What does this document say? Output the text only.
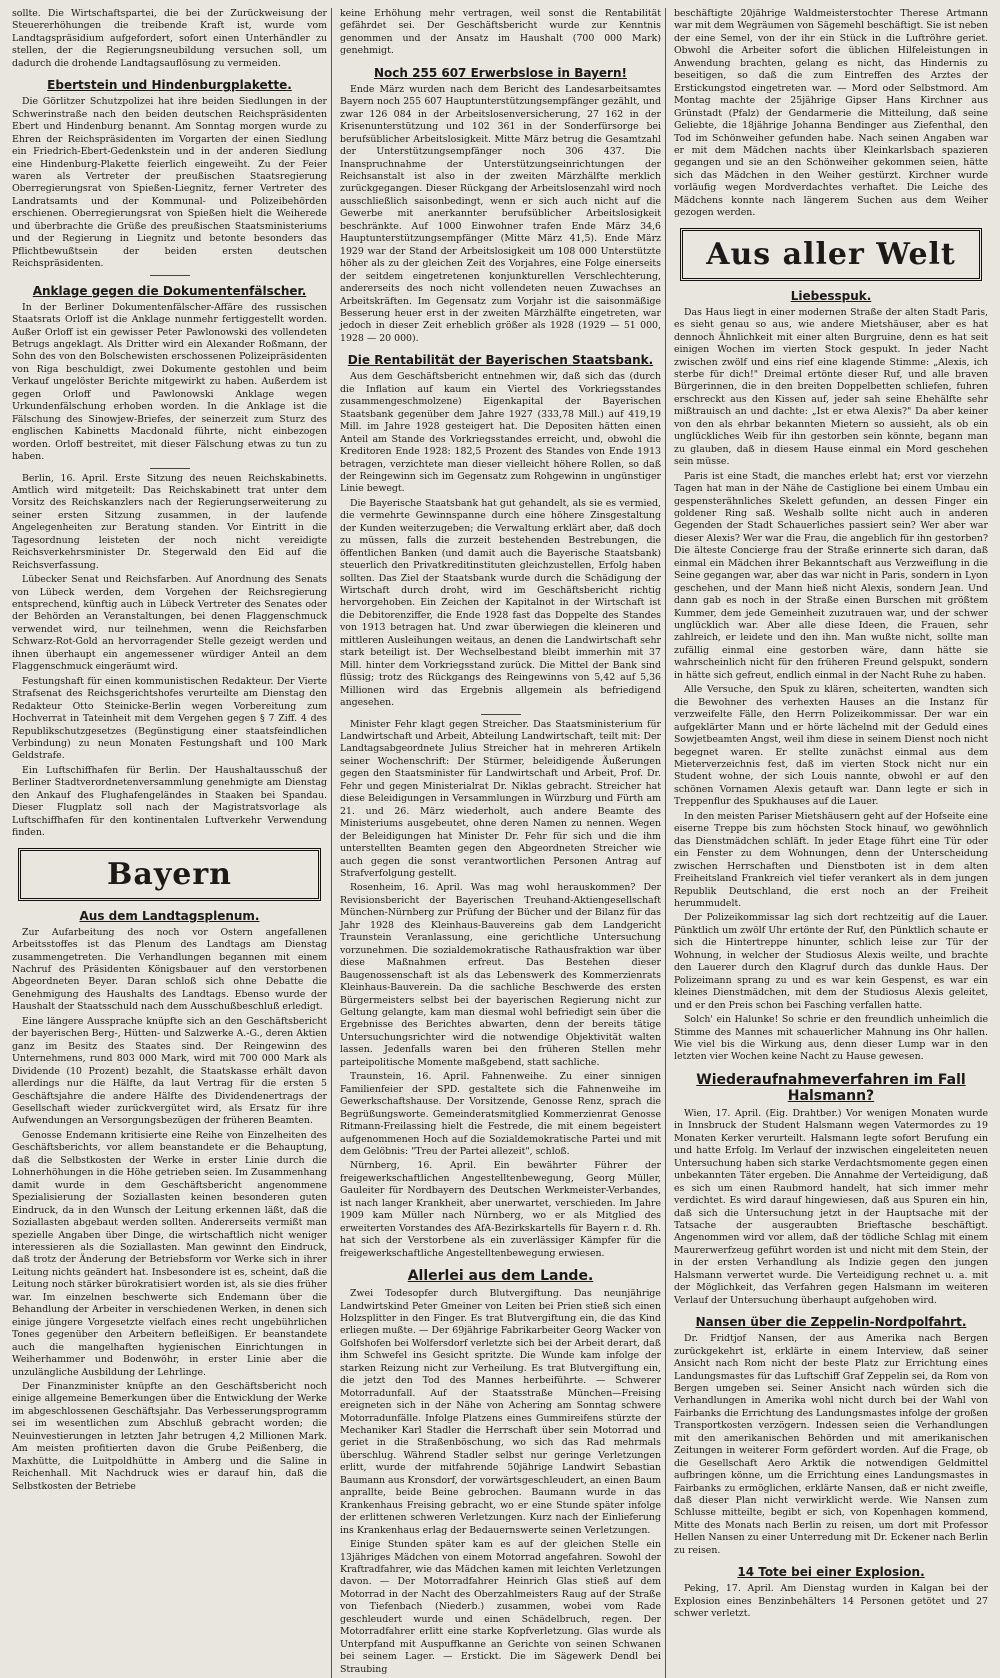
sollte. Die Wirtschaftspartei, die bei der Zurückweisung der Steuererhöhungen die treibende Kraft ist, wurde vom Landtagspräsidium aufgefordert, sofort einen Unterhändler zu stellen, der die Regierungsneubildung versuchen soll, um dadurch die drohende Landtagsauflösung zu vermeiden.

Ebertstein und Hindenburgplakette.

Die Görlitzer Schutzpolizei hat ihre beiden Siedlungen in der Schwerinstraße nach den beiden deutschen Reichspräsidenten Ebert und Hindenburg benannt. Am Sonntag morgen wurde zu Ehren der Reichspräsidenten im Vorgarten der einen Siedlung ein Friedrich-Ebert-Gedenkstein und in der anderen Siedlung eine Hindenburg-Plakette feierlich eingeweiht. Zu der Feier waren als Vertreter der preußischen Staatsregierung Oberregierungsrat von Spießen-Liegnitz, ferner Vertreter des Landratsamts und der Kommunal- und Polizeibehörden erschienen. Oberregierungsrat von Spießen hielt die Weiherede und überbrachte die Grüße des preußischen Staatsministeriums und der Regierung in Liegnitz und betonte besonders das Pflichtbewußtsein der beiden ersten deutschen Reichspräsidenten.

Anklage gegen die Dokumentenfälscher.

In der Berliner Dokumentenfälscher-Affäre des russischen Staatsrats Orloff ist die Anklage nunmehr fertiggestellt worden. Außer Orloff ist ein gewisser Peter Pawlonowski des vollendeten Betrugs angeklagt. Als Dritter wird ein Alexander Roßmann, der Sohn des von den Bolschewisten erschossenen Polizeipräsidenten von Riga beschuldigt, zwei Dokumente gestohlen und beim Verkauf ungelöster Berichte mitgewirkt zu haben. Außerdem ist gegen Orloff und Pawlonowski Anklage wegen Urkundenfälschung erhoben worden. In die Anklage ist die Fälschung des Sinowjew-Briefes, der seinerzeit zum Sturz des englischen Kabinetts Macdonald führte, nicht einbezogen worden. Orloff bestreitet, mit dieser Fälschung etwas zu tun zu haben.

Berlin, 16. April. Erste Sitzung des neuen Reichskabinetts. Amtlich wird mitgeteilt: Das Reichskabinett trat unter dem Vorsitz des Reichskanzlers nach der Regierungserweiterung zu seiner ersten Sitzung zusammen, in der laufende Angelegenheiten zur Beratung standen. Vor Eintritt in die Tagesordnung leisteten der noch nicht vereidigte Reichsverkehrsminister Dr. Stegerwald den Eid auf die Reichsverfassung.

Lübecker Senat und Reichsfarben. Auf Anordnung des Senats von Lübeck werden, dem Vorgehen der Reichsregierung entsprechend, künftig auch in Lübeck Vertreter des Senates oder der Behörden an Veranstaltungen, bei denen Flaggenschmuck verwendet wird, nur teilnehmen, wenn die Reichsfarben Schwarz-Rot-Gold an hervorragender Stelle gezeigt werden und ihnen überhaupt ein angemessener würdiger Anteil an dem Flaggenschmuck eingeräumt wird.

Festungshaft für einen kommunistischen Redakteur. Der Vierte Strafsenat des Reichsgerichtshofes verurteilte am Dienstag den Redakteur Otto Steinicke-Berlin wegen Vorbereitung zum Hochverrat in Tateinheit mit dem Vergehen gegen § 7 Ziff. 4 des Republikschutzgesetzes (Begünstigung einer staatsfeindlichen Verbindung) zu neun Monaten Festungshaft und 100 Mark Geldstrafe.

Ein Luftschiffhafen für Berlin. Der Haushaltausschuß der Berliner Stadtverordnetenversammlung genehmigte am Dienstag den Ankauf des Flughafengeländes in Staaken bei Spandau. Dieser Flugplatz soll nach der Magistratsvorlage als Luftschiffhafen für den kontinentalen Luftverkehr Verwendung finden.

Bayern
Aus dem Landtagsplenum.

Zur Aufarbeitung des noch vor Ostern angefallenen Arbeitsstoffes ist das Plenum des Landtags am Dienstag zusammengetreten. Die Verhandlungen begannen mit einem Nachruf des Präsidenten Königsbauer auf den verstorbenen Abgeordneten Beyer. Daran schloß sich ohne Debatte die Genehmigung des Haushalts des Landtags. Ebenso wurde der Haushalt der Staatsschuld nach dem Ausschußbeschluß erledigt.

Eine längere Aussprache knüpfte sich an den Geschäftsbericht der bayerischen Berg-, Hütten- und Salzwerke A.-G., deren Aktien ganz im Besitz des Staates sind. Der Reingewinn des Unternehmens, rund 803 000 Mark, wird mit 700 000 Mark als Dividende (10 Prozent) bezahlt, die Staatskasse erhält davon allerdings nur die Hälfte, da laut Vertrag für die ersten 5 Geschäftsjahre die andere Hälfte des Dividendenertrags der Gesellschaft wieder zurückvergütet wird, als Ersatz für ihre Aufwendungen an Versorgungsbezügen der früheren Beamten.

Genosse Endemann kritisierte eine Reihe von Einzelheiten des Geschäftsberichts, vor allem beanstandete er die Behauptung, daß die Selbstkosten der Werke in erster Linie durch die Lohnerhöhungen in die Höhe getrieben seien. Im Zusammenhang damit wurde in dem Geschäftsbericht angenommene Spezialisierung der Soziallasten keinen besonderen guten Eindruck, da in den Wunsch der Leitung erkennen läßt, daß die Soziallasten abgebaut werden sollten. Andererseits vermißt man spezielle Angaben über Dinge, die wirtschaftlich nicht weniger interessieren als die Soziallasten. Man gewinnt den Eindruck, daß trotz der Änderung der Betriebsform vor Werke sich in ihrer Leitung nichts geändert hat. Insbesondere ist es, scheint, daß die Leitung noch stärker bürokratisiert worden ist, als sie dies früher war. Im einzelnen beschwerte sich Endemann über die Behandlung der Arbeiter in verschiedenen Werken, in denen sich einige jüngere Vorgesetzte vielfach eines recht ungebührlichen Tones gegenüber den Arbeitern befleißigen. Er beanstandete auch die mangelhaften hygienischen Einrichtungen in Weiherhammer und Bodenwöhr, in erster Linie aber die unzulängliche Ausbildung der Lehrlinge.

Der Finanzminister knüpfte an den Geschäftsbericht noch einige allgemeine Bemerkungen über die Entwicklung der Werke im abgeschlossenen Geschäftsjahr. Das Verbesserungsprogramm sei im wesentlichen zum Abschluß gebracht worden; die Neuinvestierungen in letzten Jahr betrugen 4,2 Millionen Mark. Am meisten profitierten davon die Grube Peißenberg, die Maxhütte, die Luitpoldhütte in Amberg und die Saline in Reichenhall. Mit Nachdruck wies er darauf hin, daß die Selbstkosten der Betriebe

keine Erhöhung mehr vertragen, weil sonst die Rentabilität gefährdet sei. Der Geschäftsbericht wurde zur Kenntnis genommen und der Ansatz im Haushalt (700 000 Mark) genehmigt.

Noch 255 607 Erwerbslose in Bayern!

Ende März wurden nach dem Bericht des Landesarbeitsamtes Bayern noch 255 607 Hauptunterstützungsempfänger gezählt, und zwar 126 084 in der Arbeitslosenversicherung, 27 162 in der Krisenunterstützung und 102 361 in der Sonderfürsorge bei berufsüblicher Arbeitslosigkeit. Mitte März betrug die Gesamtzahl der Unterstützungsempfänger noch 306 437. Die Inanspruchnahme der Unterstützungseinrichtungen der Reichsanstalt ist also in der zweiten Märzhälfte merklich zurückgegangen. Dieser Rückgang der Arbeitslosenzahl wird noch ausschließlich saisonbedingt, wenn er sich auch nicht auf die Gewerbe mit anerkannter berufsüblicher Arbeitslosigkeit beschränkte. Auf 1000 Einwohner trafen Ende März 34,6 Hauptunterstützungsempfänger (Mitte März 41,5). Ende März 1929 war der Stand der Arbeitslosigkeit um 108 000 Unterstützte höher als zu der gleichen Zeit des Vorjahres, eine Folge einerseits der seitdem eingetretenen konjunkturellen Verschlechterung, andererseits des noch nicht vollendeten neuen Zuwachses an Arbeitskräften. Im Gegensatz zum Vorjahr ist die saisonmäßige Besserung heuer erst in der zweiten Märzhälfte eingetreten, war jedoch in dieser Zeit erheblich größer als 1928 (1929 — 51 000, 1928 — 20 000).

Die Rentabilität der Bayerischen Staatsbank.

Aus dem Geschäftsbericht entnehmen wir, daß sich das (durch die Inflation auf kaum ein Viertel des Vorkriegsstandes zusammengeschmolzene) Eigenkapital der Bayerischen Staatsbank gegenüber dem Jahre 1927 (333,78 Mill.) auf 419,19 Mill. im Jahre 1928 gesteigert hat. Die Depositen hätten einen Anteil am Stande des Vorkriegsstandes erreicht, und, obwohl die Kreditoren Ende 1928: 182,5 Prozent des Standes von Ende 1913 betragen, verzichtete man dieser vielleicht höhere Rollen, so daß der Reingewinn sich im Gegensatz zum Rohgewinn in ungünstiger Linie bewegt.

Die Bayerische Staatsbank hat gut gehandelt, als sie es vermied, die vermehrte Gewinnspanne durch eine höhere Zinsgestaltung der Kunden weiterzugeben; die Verwaltung erklärt aber, daß doch zu müssen, falls die zurzeit bestehenden Bestrebungen, die öffentlichen Banken (und damit auch die Bayerische Staatsbank) steuerlich den Privatkreditinstituten gleichzustellen, Erfolg haben sollten. Das Ziel der Staatsbank wurde durch die Schädigung der Wirtschaft durch droht, wird im Geschäftsbericht richtig hervorgehoben. Ein Zeichen der Kapitalnot in der Wirtschaft ist die Debitorenziffer, die Ende 1928 fast das Doppelte des Standes von 1913 betragen hat. Und zwar überwiegen die kleineren und mittleren Ausleihungen weitaus, an denen die Landwirtschaft sehr stark beteiligt ist. Der Wechselbestand bleibt immerhin mit 37 Mill. hinter dem Vorkriegsstand zurück. Die Mittel der Bank sind flüssig; trotz des Rückgangs des Reingewinns von 5,42 auf 5,36 Millionen wird das Ergebnis allgemein als befriedigend angesehen.

Minister Fehr klagt gegen Streicher. Das Staatsministerium für Landwirtschaft und Arbeit, Abteilung Landwirtschaft, teilt mit: Der Landtagsabgeordnete Julius Streicher hat in mehreren Artikeln seiner Wochenschrift: Der Stürmer, beleidigende Äußerungen gegen den Staatsminister für Landwirtschaft und Arbeit, Prof. Dr. Fehr und gegen Ministerialrat Dr. Niklas gebracht. Streicher hat diese Beleidigungen in Versammlungen in Würzburg und Fürth am 21. und 26. März wiederholt, auch andere Beamte des Ministeriums ausgebeutet, ohne deren Namen zu nennen. Wegen der Beleidigungen hat Minister Dr. Fehr für sich und die ihm unterstellten Beamten gegen den Abgeordneten Streicher wie auch gegen die sonst verantwortlichen Personen Antrag auf Strafverfolgung gestellt.

Rosenheim, 16. April. Was mag wohl herauskommen? Der Revisionsbericht der Bayerischen Treuhand-Aktiengesellschaft München-Nürnberg zur Prüfung der Bücher und der Bilanz für das Jahr 1928 des Kleinhaus-Bauvereins gab dem Landgericht Traunstein Veranlassung, eine gerichtliche Untersuchung vorzunehmen. Die sozialdemokratische Rathausfraktion war über diese Maßnahmen erfreut. Das Bestehen dieser Baugenossenschaft ist als das Lebenswerk des Kommerzienrats Kleinhaus-Bauverein. Da die sachliche Beschwerde des ersten Bürgermeisters selbst bei der bayerischen Regierung nicht zur Geltung gelangte, kam man diesmal wohl befriedigt sein über die Ergebnisse des Berichtes abwarten, denn der bereits tätige Untersuchungsrichter wird die notwendige Objektivität walten lassen. Jedenfalls waren bei den früheren Stellen mehr parteipolitische Momente maßgebend, statt sachliche.

Traunstein, 16. April. Fahnenweihe. Zu einer sinnigen Familienfeier der SPD. gestaltete sich die Fahnenweihe im Gewerkschaftshause. Der Vorsitzende, Genosse Renz, sprach die Begrüßungsworte. Gemeinderatsmitglied Kommerzienrat Genosse Ritmann-Freilassing hielt die Festrede, die mit einem begeistert aufgenommenen Hoch auf die Sozialdemokratische Partei und mit dem Gelöbnis: "Treu der Partei allezeit", schloß.

Nürnberg, 16. April. Ein bewährter Führer der freigewerkschaftlichen Angestelltenbewegung, Georg Müller, Gauleiter für Nordbayern des Deutschen Werkmeister-Verbandes, ist nach langer Krankheit, aber unerwartet, verschieden. Im Jahre 1909 kam Müller nach Nürnberg, wo er als Mitglied des erweiterten Vorstandes des AfA-Bezirkskartells für Bayern r. d. Rh. hat sich der Verstorbene als ein zuverlässiger Kämpfer für die freigewerkschaftliche Angestelltenbewegung erwiesen.

Allerlei aus dem Lande.

Zwei Todesopfer durch Blutvergiftung. Das neunjährige Landwirtskind Peter Gmeiner von Leiten bei Prien stieß sich einen Holzsplitter in den Finger. Es trat Blutvergiftung ein, die das Kind erliegen mußte. — Der 69jährige Fabrikarbeiter Georg Wacker von Golfshofen bei Wolfersdorf verletzte sich bei der Arbeit derart, daß ihm Schwefel ins Gesicht spritzte. Die Wunde kam infolge der starken Reizung nicht zur Verheilung. Es trat Blutvergiftung ein, die jetzt den Tod des Mannes herbeiführte. — Schwerer Motorradunfall. Auf der Staatsstraße München—Freising ereigneten sich in der Nähe von Achering am Sonntag schwere Motorradunfälle. Infolge Platzens eines Gummireifens stürzte der Mechaniker Karl Stadler die Herrschaft über sein Motorrad und geriet in die Straßenböschung, wo sich das Rad mehrmals überschlug. Während Stadler selbst nur geringe Verletzungen erlitt, wurde der mitfahrende 50jährige Landwirt Sebastian Baumann aus Kronsdorf, der vorwärtsgeschleudert, an einen Baum anprallte, beide Beine gebrochen. Baumann wurde in das Krankenhaus Freising gebracht, wo er eine Stunde später infolge der erlittenen schweren Verletzungen. Kurz nach der Einlieferung ins Krankenhaus erlag der Bedauernswerte seinen Verletzungen.

Einige Stunden später kam es auf der gleichen Stelle ein 13jähriges Mädchen von einem Motorrad angefahren. Sowohl der Kraftradfahrer, wie das Mädchen kamen mit leichten Verletzungen davon. — Der Motorradfahrer Heinrich Glas stieß auf dem Motorrad in der Nacht des Oberzahlmeisters Raug auf der Straße von Tiefenbach (Niederb.) zusammen, wobei vom Rade geschleudert wurde und einen Schädelbruch, regen. Der Motorradfahrer erlitt eine starke Kopfverletzung. Glas wurde als Unterpfand mit Auspuffkanne an Gerichte von seinen Schwanen bei seinem Lager. — Erstickt. Die im Sägewerk Dendl bei Straubing

beschäftigte 20jährige Waldmeisterstochter Therese Artmann war mit dem Wegräumen von Sägemehl beschäftigt. Sie ist neben der eine Semel, von der ihr ein Stück in die Luftröhre geriet. Obwohl die Arbeiter sofort die üblichen Hilfeleistungen in Anwendung brachten, gelang es nicht, das Hindernis zu beseitigen, so daß die zum Eintreffen des Arztes der Erstickungstod eingetreten war. — Mord oder Selbstmord. Am Montag machte der 25jährige Gipser Hans Kirchner aus Grünstadt (Pfalz) der Gendarmerie die Mitteilung, daß seine Geliebte, die 18jährige Johanna Bendinger aus Ziefenthal, den Tod im Schönweiher gefunden habe. Nach seinen Angaben war er mit dem Mädchen nachts über Kleinkarlsbach spazieren gegangen und sie an den Schönweiher gekommen seien, hätte sich das Mädchen in den Weiher gestürzt. Kirchner wurde vorläufig wegen Mordverdachtes verhaftet. Die Leiche des Mädchens konnte nach längerem Suchen aus dem Weiher gezogen werden.

Aus aller Welt
Liebesspuk.

Das Haus liegt in einer modernen Straße der alten Stadt Paris, es sieht genau so aus, wie andere Mietshäuser, aber es hat dennoch Ähnlichkeit mit einer alten Burgruine, denn es hat seit einigen Wochen im vierten Stock gespukt. In jeder Nacht zwischen zwölf und eins rief eine klagende Stimme: „Alexis, ich sterbe für dich!" Dreimal ertönte dieser Ruf, und alle braven Bürgerinnen, die in den breiten Doppelbetten schliefen, fuhren erschreckt aus den Kissen auf, jeder sah seine Ehehälfte sehr mißtrauisch an und dachte: „Ist er etwa Alexis?" Da aber keiner von den als ehrbar bekannten Mietern so aussieht, als ob ein unglückliches Weib für ihn gestorben sein könnte, begann man zu glauben, daß in diesem Hause einmal ein Mord geschehen sein müsse.

Paris ist eine Stadt, die manches erlebt hat; erst vor vierzehn Tagen hat man in der Nähe de Castiglione bei einem Umbau ein gespensterähnliches Skelett gefunden, an dessen Finger ein goldener Ring saß. Weshalb sollte nicht auch in anderen Gegenden der Stadt Schauerliches passiert sein? Wer aber war dieser Alexis? Wer war die Frau, die angeblich für ihn gestorben? Die älteste Concierge frau der Straße erinnerte sich daran, daß einmal ein Mädchen ihrer Bekanntschaft aus Verzweiflung in die Seine gegangen war, aber das war nicht in Paris, sondern in Lyon geschehen, und der Mann hieß nicht Alexis, sondern Jean. Und dann gab es noch in der Straße einen Burschen mit größtem Kummer, dem jede Gemeinheit zuzutrauen war, und der schwer unglücklich war. Aber alle diese Ideen, die Frauen, sehr zahlreich, er leidete und den ihn. Man wußte nicht, sollte man zufällig einmal eine gestorben wäre, dann hätte sie wahrscheinlich nicht für den früheren Freund gelspukt, sondern in hätte sich gefreut, endlich einmal in der Nacht Ruhe zu haben.

Alle Versuche, den Spuk zu klären, scheiterten, wandten sich die Bewohner des verhexten Hauses an die Instanz für verzweifelte Fälle, den Herrn Polizeikommissar. Der war ein aufgeklärter Mann und er hörte lächelnd mit der Geduld eines Sowjetbeamten Angst, weil ihm diese in seinem Dienst noch nicht begegnet waren. Er stellte zunächst einmal aus dem Mieterverzeichnis fest, daß im vierten Stock nicht nur ein Student wohne, der sich Louis nannte, obwohl er auf den schönen Vornamen Alexis getauft war. Dann legte er sich in Treppenflur des Spukhauses auf die Lauer.

In den meisten Pariser Mietshäusern geht auf der Hofseite eine eiserne Treppe bis zum höchsten Stock hinauf, wo gewöhnlich das Dienstmädchen schläft. In jeder Etage führt eine Tür oder ein Fenster zu dem Wohnungen, denn der Unterscheidung zwischen Herrschaften und Dienstboten ist in dem alten Freiheitsland Frankreich viel tiefer verankert als in dem jungen Republik Deutschland, die erst noch an der Freiheit herummudelt.

Der Polizeikommissar lag sich dort rechtzeitig auf die Lauer. Pünktlich um zwölf Uhr ertönte der Ruf, den Pünktlich schaute er sich die Hintertreppe hinunter, schlich leise zur Tür der Wohnung, in welcher der Studiosus Alexis weilte, und brachte den Lauerer durch den Klagruf durch das dunkle Haus. Der Polizeimann sprang zu und es war kein Gespenst, es war ein kleines Dienstmädchen, mit dem der Studiosus Alexis geleitet, und er den Preis schon bei Fasching verfallen hatte.

Solch' ein Halunke! So schrie er den freundlich unheimlich die Stimme des Mannes mit schauerlicher Mahnung ins Ohr hallen. Wie viel bis die Wirkung aus, denn dieser Lump war in den letzten vier Wochen keine Nacht zu Hause gewesen.

Wiederaufnahmeverfahren im Fall Halsmann?

Wien, 17. April. (Eig. Drahtber.) Vor wenigen Monaten wurde in Innsbruck der Student Halsmann wegen Vatermordes zu 19 Monaten Kerker verurteilt. Halsmann legte sofort Berufung ein und hatte Erfolg. Im Verlauf der inzwischen eingeleiteten neuen Untersuchung haben sich starke Verdachtsmomente gegen einen unbekannten Täter ergeben. Die Annahme der Verteidigung, daß es sich um einen Raubmord handelt, hat sich immer mehr verdichtet. Es wird darauf hingewiesen, daß aus Spuren ein hin, daß sich die Untersuchung jetzt in der Hauptsache mit der Tatsache der ausgeraubten Brieftasche beschäftigt. Angenommen wird vor allem, daß der tödliche Schlag mit einem Maurerwerfzeug geführt worden ist und nicht mit dem Stein, der in der ersten Verhandlung als Indizie gegen den jungen Halsmann verwertet wurde. Die Verteidigung rechnet u. a. mit der Möglichkeit, das Verfahren gegen Halsmann im weiteren Verlauf der Untersuchung überhaupt aufgehoben wird.

Nansen über die Zeppelin-Nordpolfahrt.

Dr. Fridtjof Nansen, der aus Amerika nach Bergen zurückgekehrt ist, erklärte in einem Interview, daß seiner Ansicht nach Rom nicht der beste Platz zur Errichtung eines Landungsmastes für das Luftschiff Graf Zeppelin sei, da Rom von Bergen umgeben sei. Seiner Ansicht nach würden sich die Verhandlungen in Amerika wohl nicht durch bei der Wahl von Fairbanks die Errichtung des Landungsmastes infolge der großen Transportkosten verzögern. Indessen seien die Verhandlungen mit den amerikanischen Behörden und mit amerikanischen Zeitungen in weiterer Form gefördert worden. Auf die Frage, ob die Gesellschaft Aero Arktik die notwendigen Geldmittel aufbringen könne, um die Errichtung eines Landungsmastes in Fairbanks zu ermöglichen, erklärte Nansen, daß er nicht zweifle, daß dieser Plan nicht verwirklicht werde. Wie Nansen zum Schlusse mitteilte, begibt er sich, von Kopenhagen kommend, Mitte des Monats nach Berlin zu reisen, um dort mit Professor Hellen Nansen zu einer Unterredung mit Dr. Eckener nach Berlin zu reisen.

14 Tote bei einer Explosion.

Peking, 17. April. Am Dienstag wurden in Kalgan bei der Explosion eines Benzinbehälters 14 Personen getötet und 27 schwer verletzt.
